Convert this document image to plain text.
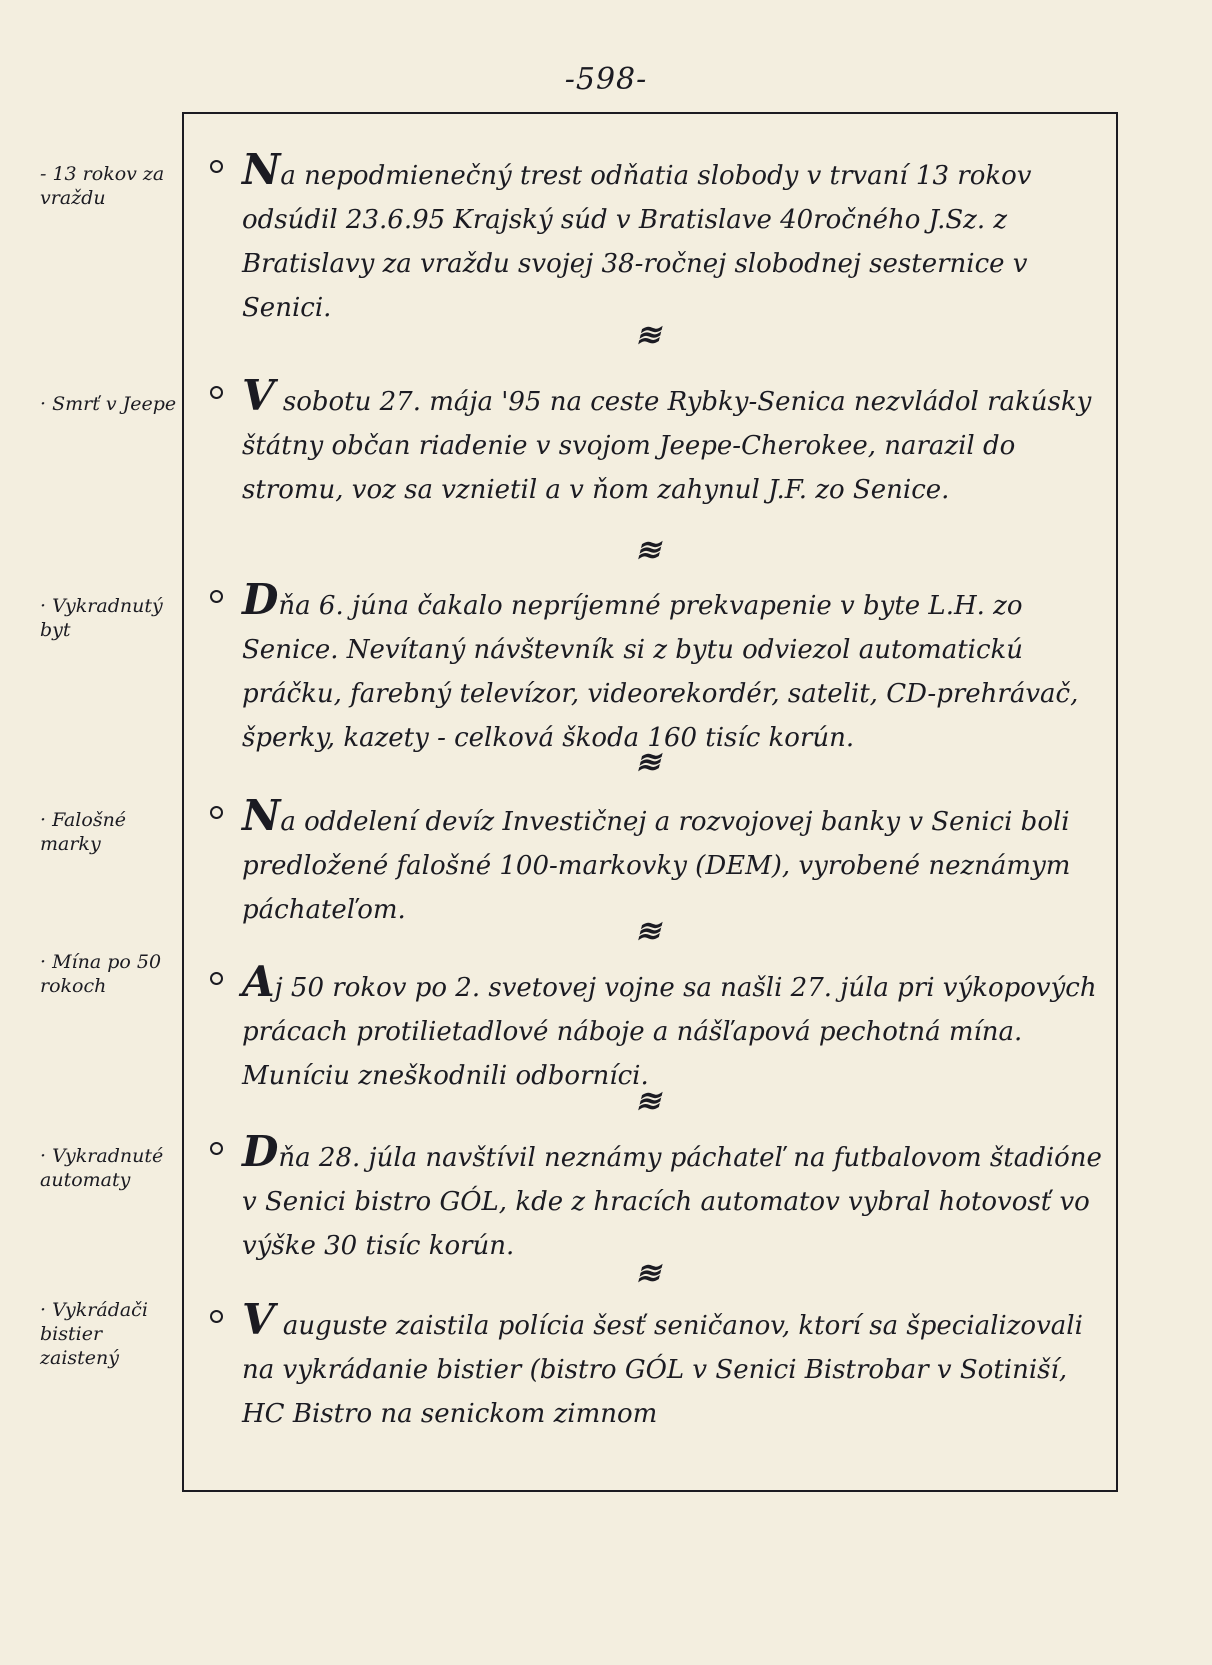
-598-
- 13 rokov za vraždu
Na nepodmienečný trest odňatia slobody v trvaní 13 rokov odsúdil 23.6.95 Krajský súd v Bratislave 40ročného J.Sz. z Bratislavy za vraždu svojej 38-ročnej slobodnej sesternice v Senici.
≋
· Smrť v Jeepe V sobotu 27. mája '95 na ceste Rybky-Senica nezvládol rakúsky štátny občan riadenie v svojom Jeepe-Cherokee, narazil do stromu, voz sa vznietil a v ňom zahynul J.F. zo Senice.
≋
· Vykradnutý byt
Dňa 6. júna čakalo nepríjemné prekvapenie v byte L.H. zo Senice. Nevítaný návštevník si z bytu odviezol automatickú práčku, farebný televízor, videorekordér, satelit, CD-prehrávač, šperky, kazety - celková škoda 160 tisíc korún.
≋
· Falošné marky
Na oddelení devíz Investičnej a rozvojovej banky v Senici boli predložené falošné 100-markovky (DEM), vyrobené neznámym páchateľom.
≋
· Mína po 50 rokoch	Aj 50 rokov po 2. svetovej vojne sa našli 27. júla pri výkopových prácach protilietadlové náboje a nášľapová pechotná mína. Muníciu zneškodnili odborníci.
≋
· Vykradnuté automaty
Dňa 28. júla navštívil neznámy páchateľ na futbalovom štadióne v Senici bistro GÓL, kde z hracích automatov vybral hotovosť vo výške 30 tisíc korún.
≋
· Vykrádači bistier zaistený
V auguste zaistila polícia šesť seničanov, ktorí sa špecializovali na vykrádanie bistier (bistro GÓL v Senici Bistrobar v Sotiniší, HC Bistro na senickom zimnom
